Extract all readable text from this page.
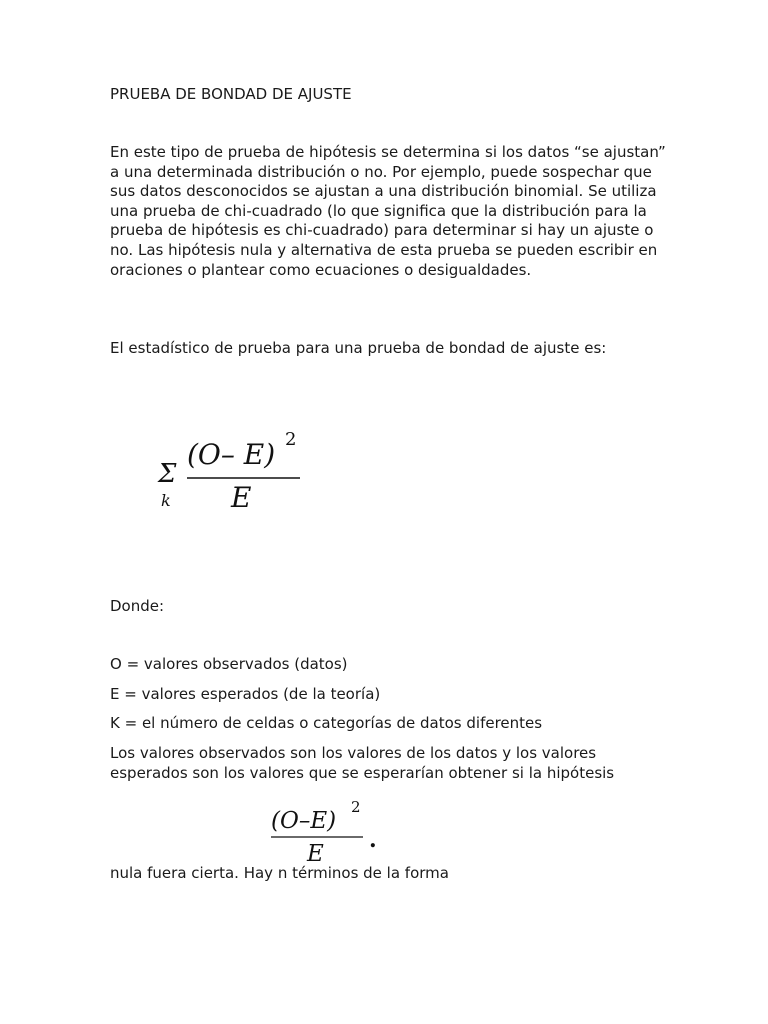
PRUEBA DE BONDAD DE AJUSTE

En este tipo de prueba de hipótesis se determina si los datos “se ajustan” a una determinada distribución o no. Por ejemplo, puede sospechar que sus datos desconocidos se ajustan a una distribución binomial. Se utiliza una prueba de chi-cuadrado (lo que significa que la distribución para la prueba de hipótesis es chi-cuadrado) para determinar si hay un ajuste o no. Las hipótesis nula y alternativa de esta prueba se pueden escribir en oraciones o plantear como ecuaciones o desigualdades.

El estadístico de prueba para una prueba de bondad de ajuste es:

Σ
k
(O– E) 2
E

Donde:

O = valores observados (datos)

E = valores esperados (de la teoría)

K = el número de celdas o categorías de datos diferentes

Los valores observados son los valores de los datos y los valores esperados son los valores que se esperarían obtener si la hipótesis

(O–E)
2
E
.

nula fuera cierta. Hay n términos de la forma
